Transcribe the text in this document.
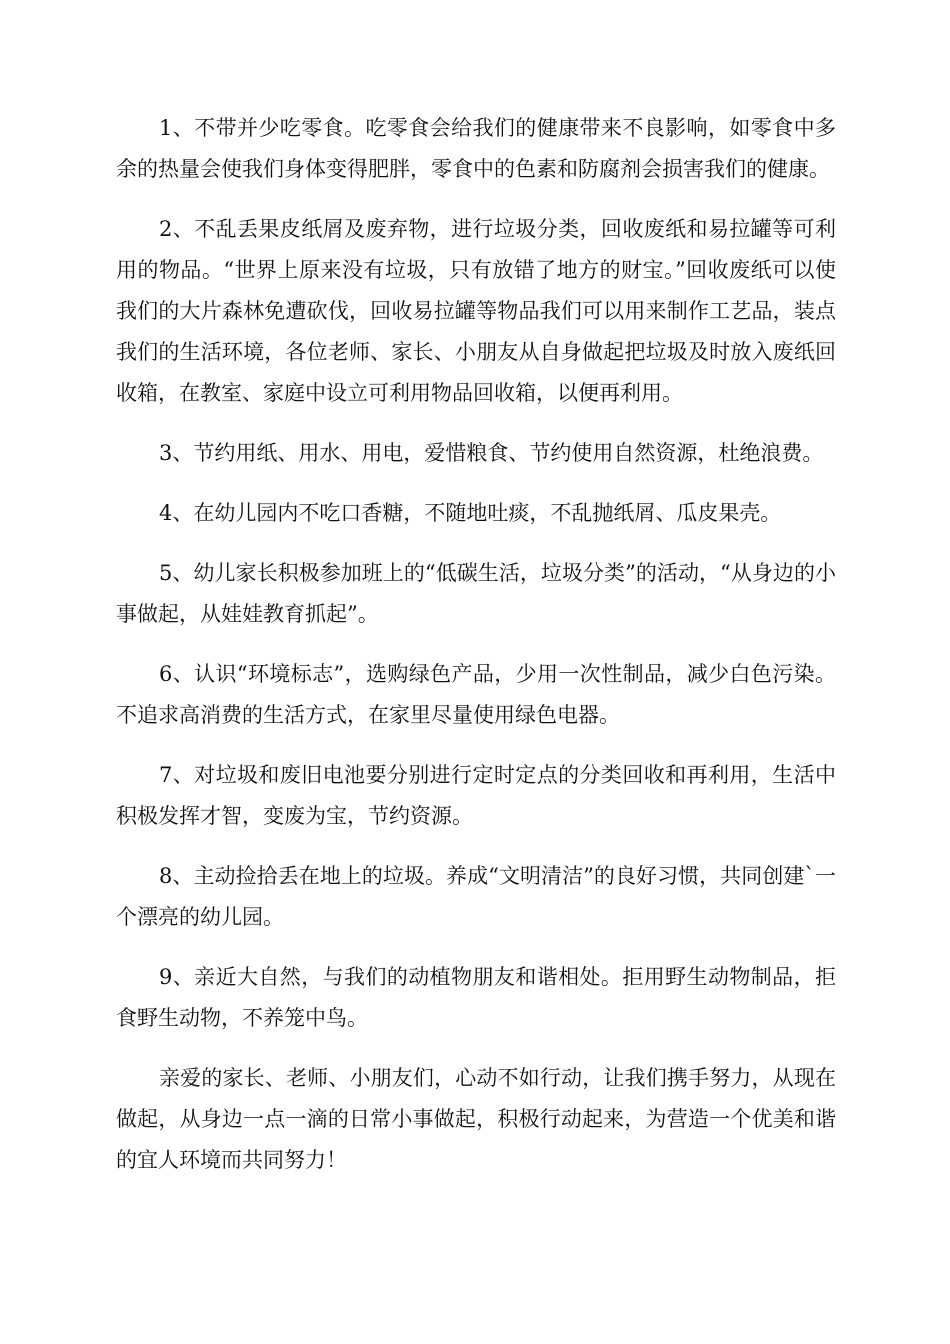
1、不带并少吃零食。吃零食会给我们的健康带来不良影响，如零食中多余的热量会使我们身体变得肥胖，零食中的色素和防腐剂会损害我们的健康。

2、不乱丢果皮纸屑及废弃物，进行垃圾分类，回收废纸和易拉罐等可利用的物品。“世界上原来没有垃圾，只有放错了地方的财宝。”回收废纸可以使我们的大片森林免遭砍伐，回收易拉罐等物品我们可以用来制作工艺品，装点我们的生活环境，各位老师、家长、小朋友从自身做起把垃圾及时放入废纸回收箱，在教室、家庭中设立可利用物品回收箱，以便再利用。

3、节约用纸、用水、用电，爱惜粮食、节约使用自然资源，杜绝浪费。

4、在幼儿园内不吃口香糖，不随地吐痰，不乱抛纸屑、瓜皮果壳。

5、幼儿家长积极参加班上的“低碳生活，垃圾分类”的活动，“从身边的小事做起，从娃娃教育抓起”。

6、认识“环境标志”，选购绿色产品，少用一次性制品，减少白色污染。不追求高消费的生活方式，在家里尽量使用绿色电器。

7、对垃圾和废旧电池要分别进行定时定点的分类回收和再利用，生活中积极发挥才智，变废为宝，节约资源。

8、主动捡拾丢在地上的垃圾。养成“文明清洁”的良好习惯，共同创建`一个漂亮的幼儿园。

9、亲近大自然，与我们的动植物朋友和谐相处。拒用野生动物制品，拒食野生动物，不养笼中鸟。

亲爱的家长、老师、小朋友们，心动不如行动，让我们携手努力，从现在做起，从身边一点一滴的日常小事做起，积极行动起来，为营造一个优美和谐的宜人环境而共同努力！
